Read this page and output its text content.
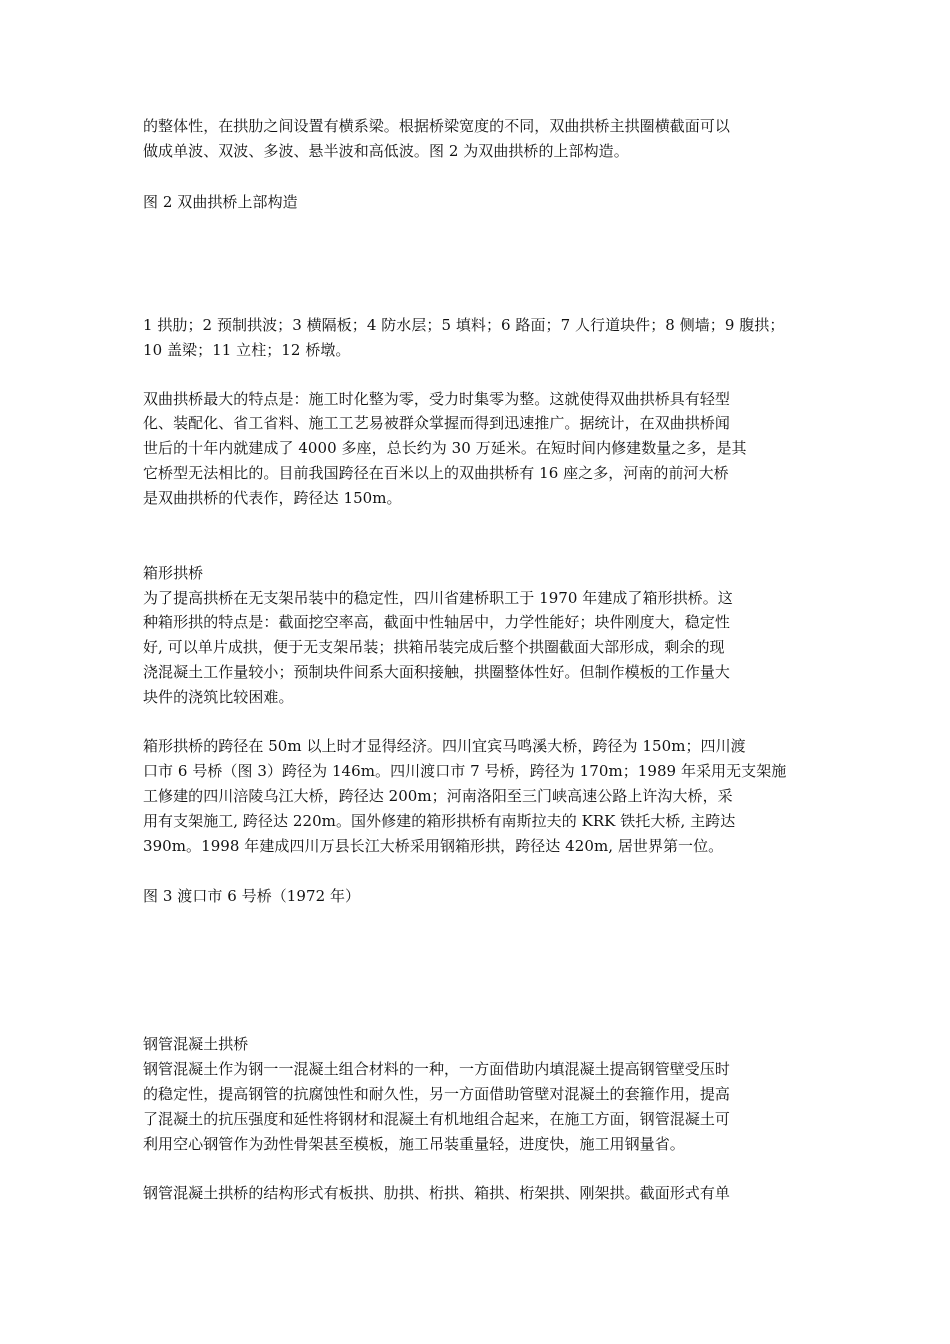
的整体性，在拱肋之间设置有横系梁。根据桥梁宽度的不同，双曲拱桥主拱圈横截面可以
做成单波、双波、多波、悬半波和高低波。图 2 为双曲拱桥的上部构造。
图 2 双曲拱桥上部构造
1 拱肋；2 预制拱波；3 横隔板；4 防水层；5 填料；6 路面；7 人行道块件；8 侧墙；9 腹拱；
10 盖梁；11 立柱；12 桥墩。
双曲拱桥最大的特点是：施工时化整为零，受力时集零为整。这就使得双曲拱桥具有轻型
化、装配化、省工省料、施工工艺易被群众掌握而得到迅速推广。据统计，在双曲拱桥闻
世后的十年内就建成了 4000 多座，总长约为 30 万延米。在短时间内修建数量之多，是其
它桥型无法相比的。目前我国跨径在百米以上的双曲拱桥有 16 座之多，河南的前河大桥
是双曲拱桥的代表作，跨径达 150m。
箱形拱桥
为了提高拱桥在无支架吊装中的稳定性，四川省建桥职工于 1970 年建成了箱形拱桥。这
种箱形拱的特点是：截面挖空率高，截面中性轴居中，力学性能好；块件刚度大，稳定性
好, 可以单片成拱，便于无支架吊装；拱箱吊装完成后整个拱圈截面大部形成，剩余的现
浇混凝土工作量较小；预制块件间系大面积接触，拱圈整体性好。但制作模板的工作量大
块件的浇筑比较困难。
箱形拱桥的跨径在 50m 以上时才显得经济。四川宜宾马鸣溪大桥，跨径为 150m；四川渡
口市 6 号桥（图 3）跨径为 146m。四川渡口市 7 号桥，跨径为 170m；1989 年采用无支架施
工修建的四川涪陵乌江大桥，跨径达 200m；河南洛阳至三门峡高速公路上许沟大桥，采
用有支架施工, 跨径达 220m。国外修建的箱形拱桥有南斯拉夫的 KRK 铁托大桥, 主跨达
390m。1998 年建成四川万县长江大桥采用钢箱形拱，跨径达 420m, 居世界第一位。
图 3 渡口市 6 号桥（1972 年）
钢管混凝土拱桥
钢管混凝土作为钢一一混凝土组合材料的一种，一方面借助内填混凝土提高钢管壁受压时
的稳定性，提高钢管的抗腐蚀性和耐久性，另一方面借助管壁对混凝土的套箍作用，提高
了混凝土的抗压强度和延性将钢材和混凝土有机地组合起来，在施工方面，钢管混凝土可
利用空心钢管作为劲性骨架甚至模板，施工吊装重量轻，进度快，施工用钢量省。
钢管混凝土拱桥的结构形式有板拱、肋拱、桁拱、箱拱、桁架拱、刚架拱。截面形式有单
